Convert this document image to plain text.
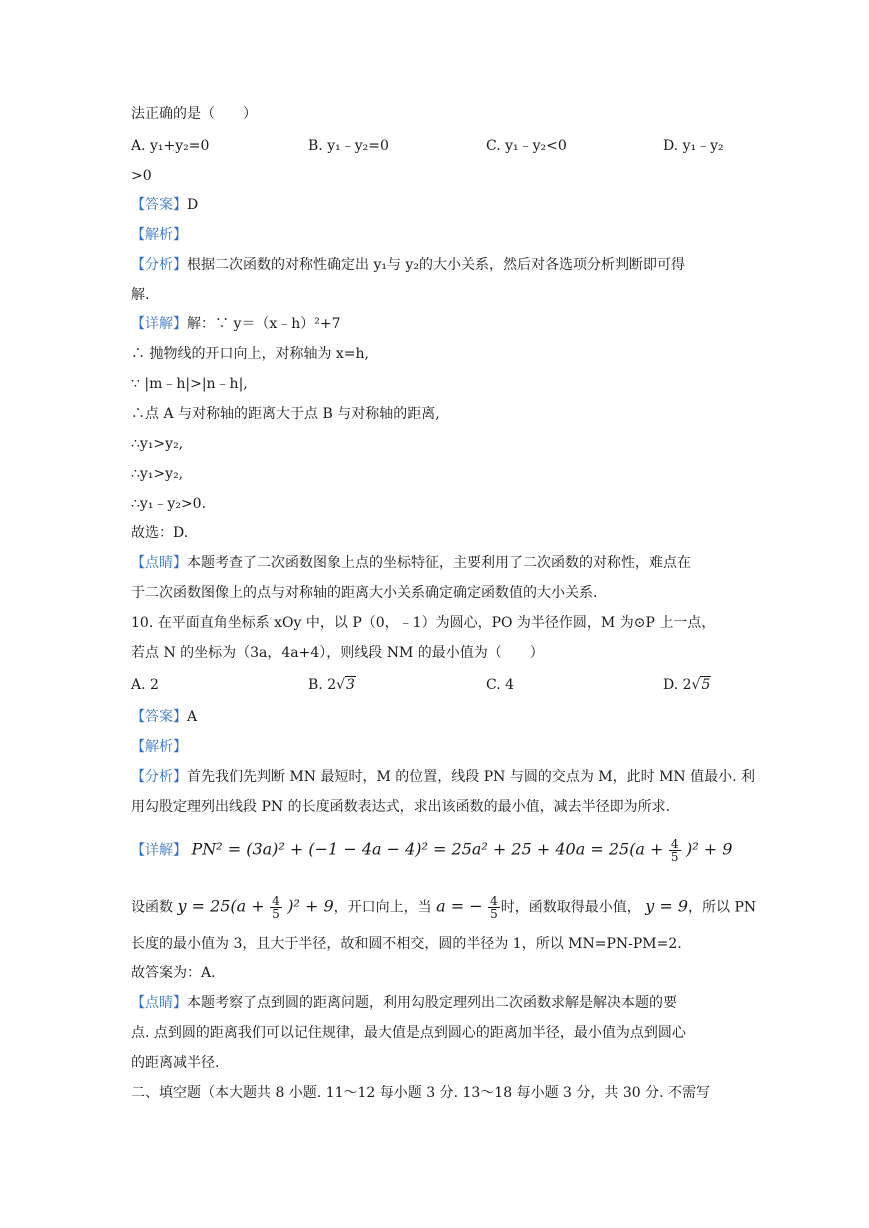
法正确的是（　　）
A. y₁+y₂=0	B. y₁﹣y₂=0	C. y₁﹣y₂<0	D. y₁﹣y₂
>0
【答案】D
【解析】
【分析】根据二次函数的对称性确定出 y₁与 y₂的大小关系，然后对各选项分析判断即可得
解.
【详解】解：∵ y＝（x﹣h）²+7
∴ 抛物线的开口向上，对称轴为 x=h,
∵ |m﹣h|>|n﹣h|,
∴点 A 与对称轴的距离大于点 B 与对称轴的距离,
∴y₁>y₂,
∴y₁>y₂,
∴y₁﹣y₂>0.
故选：D.
【点睛】本题考查了二次函数图象上点的坐标特征，主要利用了二次函数的对称性，难点在
于二次函数图像上的点与对称轴的距离大小关系确定确定函数值的大小关系.
10. 在平面直角坐标系 xOy 中，以 P（0，﹣1）为圆心，PO 为半径作圆，M 为⊙P 上一点，
若点 N 的坐标为（3a，4a+4），则线段 NM 的最小值为（　　）
A. 2	B. 2√3	C. 4	D. 2√5
【答案】A
【解析】
【分析】首先我们先判断 MN 最短时，M 的位置，线段 PN 与圆的交点为 M，此时 MN 值最小. 利
用勾股定理列出线段 PN 的长度函数表达式，求出该函数的最小值，减去半径即为所求.
【详解】 $PN^2 = (3a)^2 + (-1 - 4a - 4)^2 = 25a^2 + 25 + 40a = 25(a + \frac{4}{5} )^2 + 9$
设函数 $y = 25(a + \frac{4}{5} )^2 + 9$，开口向上，当 a = − $\frac{4}{5}$ 时，函数取得最小值， y = 9，所以 PN
长度的最小值为 3，且大于半径，故和圆不相交，圆的半径为 1，所以 MN=PN-PM=2.
故答案为：A.
【点睛】本题考察了点到圆的距离问题，利用勾股定理列出二次函数求解是解决本题的要
点. 点到圆的距离我们可以记住规律，最大值是点到圆心的距离加半径，最小值为点到圆心
的距离减半径.
二、填空题（本大题共 8 小题. 11～12 每小题 3 分. 13～18 每小题 3 分，共 30 分. 不需写
